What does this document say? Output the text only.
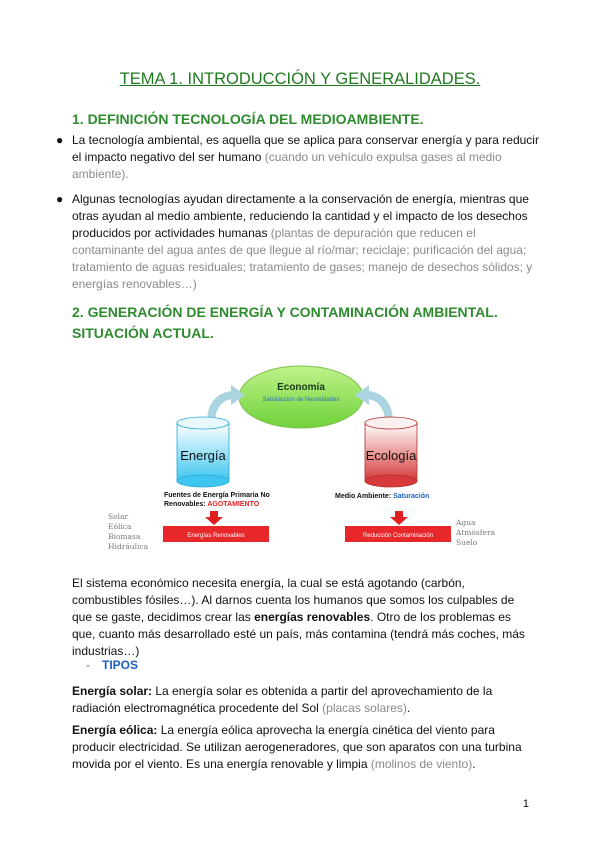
TEMA 1. INTRODUCCIÓN Y GENERALIDADES.
1. DEFINICIÓN TECNOLOGÍA DEL MEDIOAMBIENTE.
● La tecnología ambiental, es aquella que se aplica para conservar energía y para reducir el impacto negativo del ser humano (cuando un vehículo expulsa gases al medio ambiente).
● Algunas tecnologías ayudan directamente a la conservación de energía, mientras que otras ayudan al medio ambiente, reduciendo la cantidad y el impacto de los desechos producidos por actividades humanas (plantas de depuración que reducen el contaminante del agua antes de que llegue al río/mar; reciclaje; purificación del agua; tratamiento de aguas residuales; tratamiento de gases; manejo de desechos sólidos; y energías renovables…)
2. GENERACIÓN DE ENERGÍA Y CONTAMINACIÓN AMBIENTAL. SITUACIÓN ACTUAL.
Economía
Satisfacción de Necesidades
Energía	Ecología
Fuentes de Energía Primaria No
Renovables: AGOTAMIENTO
Medio Ambiente: Saturación
Energías Renovables	Reducción Contaminación
Solar
Eólica
Biomasa
Hidráulica
Agua
Atmósfera
Suelo

El sistema económico necesita energía, la cual se está agotando (carbón, combustibles fósiles…). Al darnos cuenta los humanos que somos los culpables de que se gaste, decidimos crear las energías renovables. Otro de los problemas es que, cuanto más desarrollado esté un país, más contamina (tendrá más coches, más industrias…)

- TIPOS

Energía solar: La energía solar es obtenida a partir del aprovechamiento de la radiación electromagnética procedente del Sol (placas solares).

Energía eólica: La energía eólica aprovecha la energía cinética del viento para producir electricidad. Se utilizan aerogeneradores, que son aparatos con una turbina movida por el viento. Es una energía renovable y limpia (molinos de viento).

1
